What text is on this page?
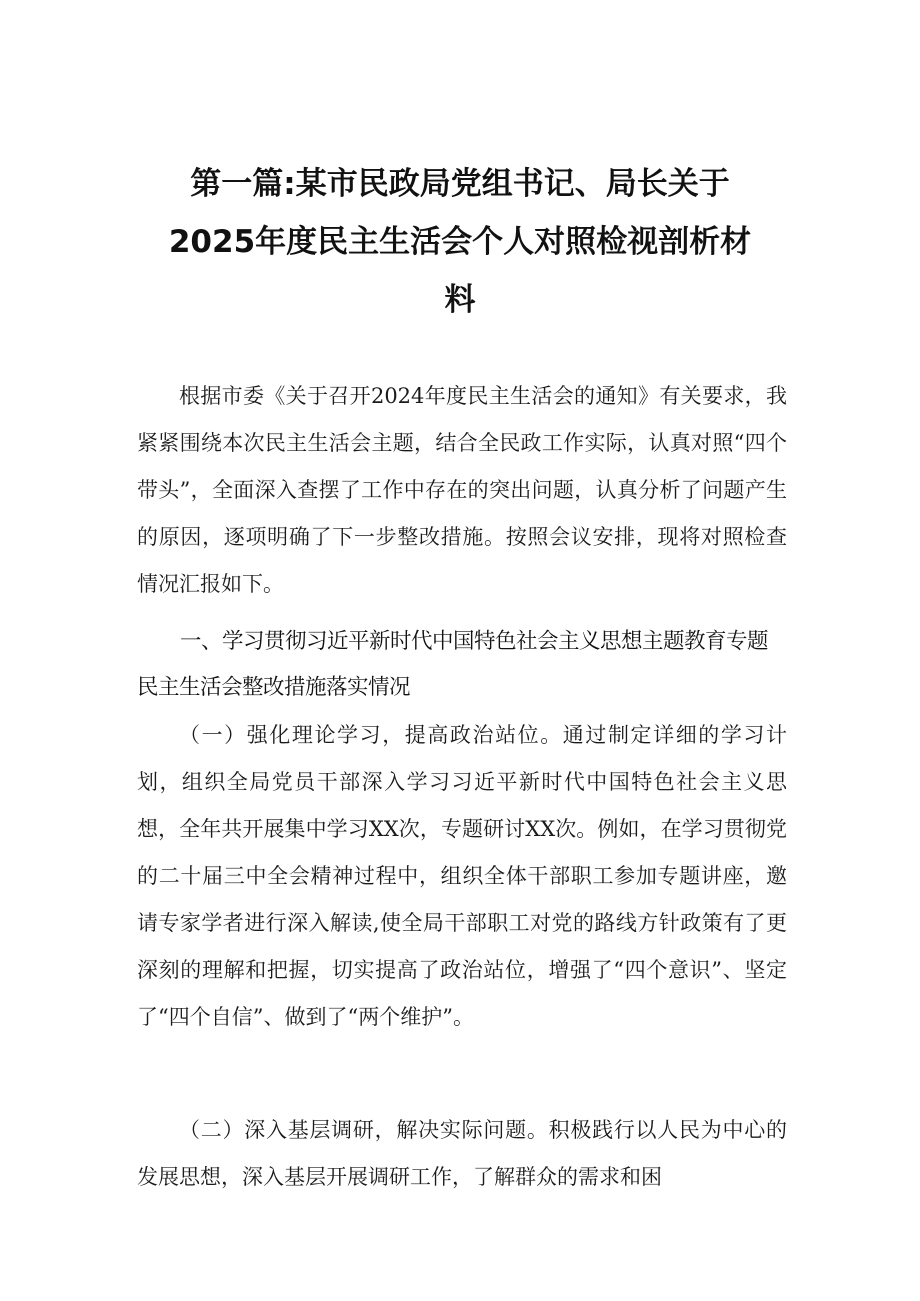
第一篇:某市民政局党组书记、局长关于
2025年度民主生活会个人对照检视剖析材
料

根据市委《关于召开2024年度民主生活会的通知》有关要求，我紧紧围绕本次民主生活会主题，结合全民政工作实际，认真对照“四个带头”，全面深入查摆了工作中存在的突出问题，认真分析了问题产生的原因，逐项明确了下一步整改措施。按照会议安排，现将对照检查情况汇报如下。

一、学习贯彻习近平新时代中国特色社会主义思想主题教育专题民主生活会整改措施落实情况

（一）强化理论学习，提高政治站位。通过制定详细的学习计划，组织全局党员干部深入学习习近平新时代中国特色社会主义思想，全年共开展集中学习XX次，专题研讨XX次。例如，在学习贯彻党的二十届三中全会精神过程中，组织全体干部职工参加专题讲座，邀请专家学者进行深入解读,使全局干部职工对党的路线方针政策有了更深刻的理解和把握，切实提高了政治站位，增强了“四个意识”、坚定了“四个自信”、做到了“两个维护”。

（二）深入基层调研，解决实际问题。积极践行以人民为中心的发展思想，深入基层开展调研工作，了解群众的需求和困
